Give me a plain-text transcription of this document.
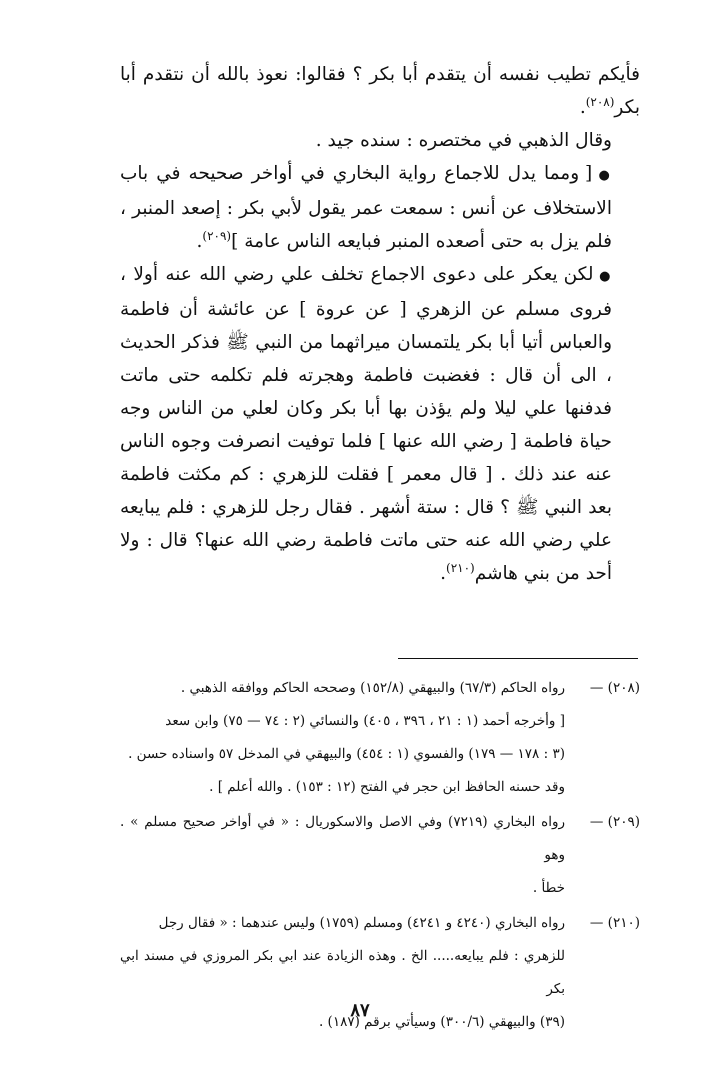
فأيكم تطيب نفسه أن يتقدم أبا بكر ؟ فقالوا: نعوذ بالله أن نتقدم أبا بكر$^{(٢٠٨)}$.

وقال الذهبي في مختصره : سنده جيد .

● [ ومما يدل للاجماع رواية البخاري في أواخر صحيحه في باب الاستخلاف عن أنس : سمعت عمر يقول لأبي بكر : إصعد المنبر ، فلم يزل به حتى أصعده المنبر فبايعه الناس عامة ]$^{(٢٠٩)}$.

● لكن يعكر على دعوى الاجماع تخلف علي رضي الله عنه أولا ، فروى مسلم عن الزهري [ عن عروة ] عن عائشة أن فاطمة والعباس أتيا أبا بكر يلتمسان ميراثهما من النبي ﷺ فذكر الحديث ، الى أن قال : فغضبت فاطمة وهجرته فلم تكلمه حتى ماتت فدفنها علي ليلا ولم يؤذن بها أبا بكر وكان لعلي من الناس وجه حياة فاطمة [ رضي الله عنها ] فلما توفيت انصرفت وجوه الناس عنه عند ذلك . [ قال معمر ] فقلت للزهري : كم مكثت فاطمة بعد النبي ﷺ ؟ قال : ستة أشهر . فقال رجل للزهري : فلم يبايعه علي رضي الله عنه حتى ماتت فاطمة رضي الله عنها؟ قال : ولا أحد من بني هاشم$^{(٢١٠)}$.

(٢٠٨) —
رواه الحاكم (٦٧/٣) والبيهقي (١٥٢/٨) وصححه الحاكم ووافقه الذهبي .
[ وأخرجه أحمد (١ : ٢١ ، ٣٩٦ ، ٤٠٥) والنسائي (٢ : ٧٤ — ٧٥) وابن سعد
(٣ : ١٧٨ — ١٧٩) والفسوي (١ : ٤٥٤) والبيهقي في المدخل ٥٧ واسناده حسن .
وقد حسنه الحافظ ابن حجر في الفتح (١٢ : ١٥٣) . والله أعلم ] .
(٢٠٩) —
رواه البخاري (٧٢١٩) وفي الاصل والاسكوريال : « في أواخر صحيح مسلم » . وهو
خطأ .
(٢١٠) —
رواه البخاري (٤٢٤٠ و ٤٢٤١) ومسلم (١٧٥٩) وليس عندهما : « فقال رجل
للزهري : فلم يبايعه..... الخ . وهذه الزيادة عند ابي بكر المروزي في مسند ابي بكر
(٣٩) والبيهقي (٣٠٠/٦) وسيأتي برقم (١٨٧) .
٨٧
